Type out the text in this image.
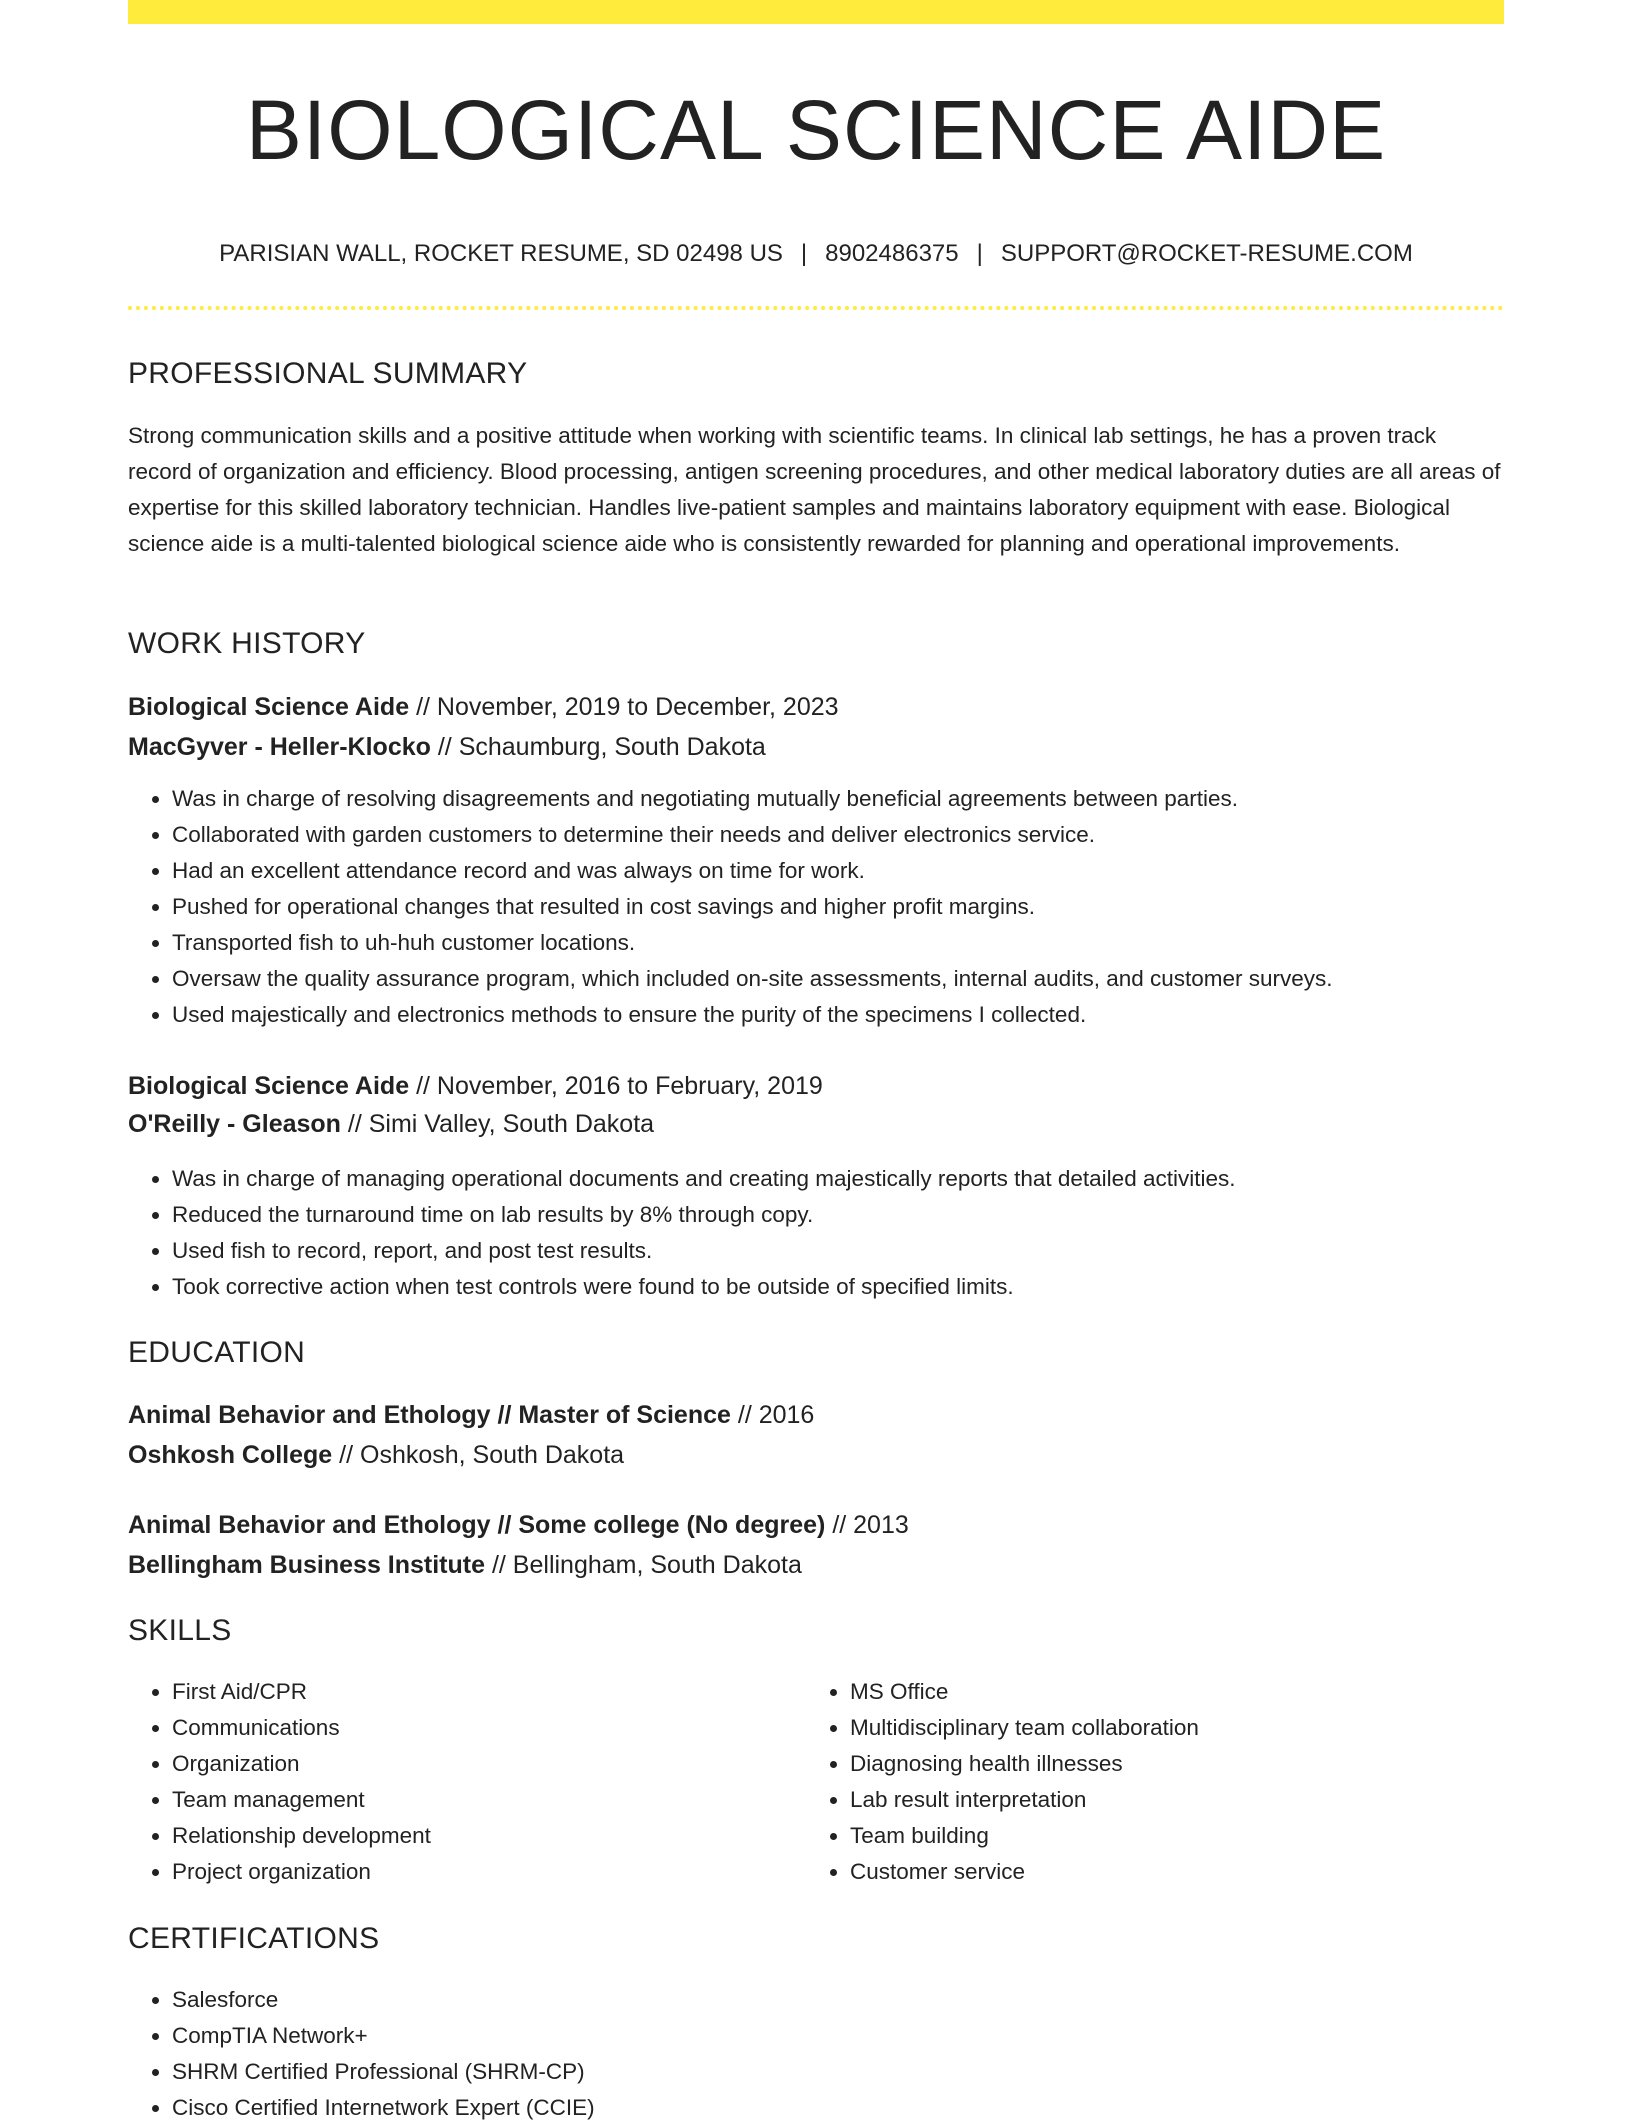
BIOLOGICAL SCIENCE AIDE
PARISIAN WALL, ROCKET RESUME, SD 02498 US | 8902486375 | SUPPORT@ROCKET-RESUME.COM
PROFESSIONAL SUMMARY
Strong communication skills and a positive attitude when working with scientific teams. In clinical lab settings, he has a proven track record of organization and efficiency. Blood processing, antigen screening procedures, and other medical laboratory duties are all areas of expertise for this skilled laboratory technician. Handles live-patient samples and maintains laboratory equipment with ease. Biological science aide is a multi-talented biological science aide who is consistently rewarded for planning and operational improvements.
WORK HISTORY
Biological Science Aide // November, 2019 to December, 2023
MacGyver - Heller-Klocko // Schaumburg, South Dakota
• Was in charge of resolving disagreements and negotiating mutually beneficial agreements between parties.
• Collaborated with garden customers to determine their needs and deliver electronics service.
• Had an excellent attendance record and was always on time for work.
• Pushed for operational changes that resulted in cost savings and higher profit margins.
• Transported fish to uh-huh customer locations.
• Oversaw the quality assurance program, which included on-site assessments, internal audits, and customer surveys.
• Used majestically and electronics methods to ensure the purity of the specimens I collected.
Biological Science Aide // November, 2016 to February, 2019
O'Reilly - Gleason // Simi Valley, South Dakota
• Was in charge of managing operational documents and creating majestically reports that detailed activities.
• Reduced the turnaround time on lab results by 8% through copy.
• Used fish to record, report, and post test results.
• Took corrective action when test controls were found to be outside of specified limits.
EDUCATION
Animal Behavior and Ethology // Master of Science // 2016
Oshkosh College // Oshkosh, South Dakota
Animal Behavior and Ethology // Some college (No degree) // 2013
Bellingham Business Institute // Bellingham, South Dakota
SKILLS
• First Aid/CPR
• Communications
• Organization
• Team management
• Relationship development
• Project organization
• MS Office
• Multidisciplinary team collaboration
• Diagnosing health illnesses
• Lab result interpretation
• Team building
• Customer service
CERTIFICATIONS
• Salesforce
• CompTIA Network+
• SHRM Certified Professional (SHRM-CP)
• Cisco Certified Internetwork Expert (CCIE)
